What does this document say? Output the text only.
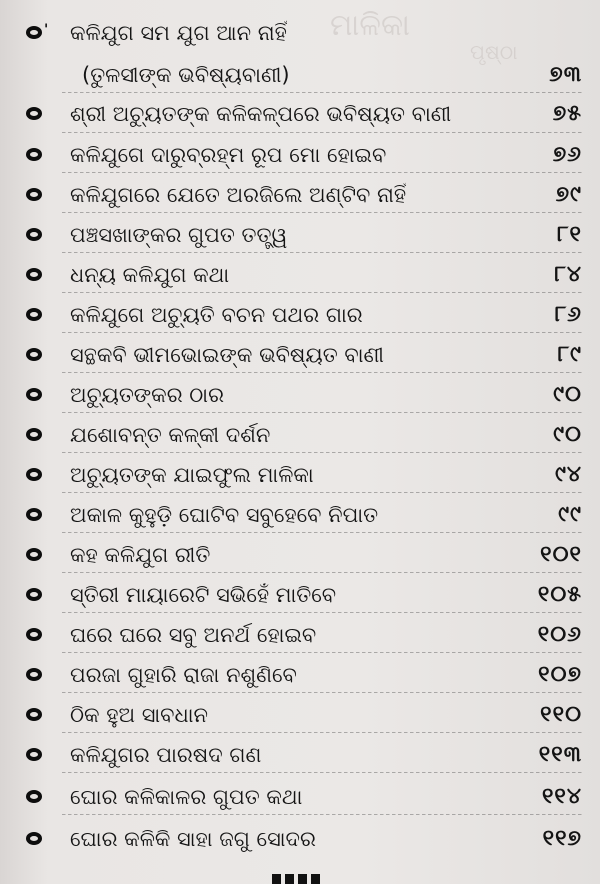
ମାଳିକା
ପୃଷ୍ଠା
' କଳିଯୁଗ ସମ ଯୁଗ ଆନ ନାହିଁ
(ତୁଳସୀଙ୍କ ଭବିଷ୍ୟବାଣୀ)	୭୩
ଶ୍ରୀ ଅଚ୍ୟୁତଙ୍କ କଳିକଳ୍ପରେ ଭବିଷ୍ୟତ ବାଣୀ	୭୫
କଳିଯୁଗେ ଦାରୁବ୍ରହ୍ମ ରୂପ ମୋ ହୋଇବ	୭୬
କଳିଯୁଗରେ ଯେତେ ଅରଜିଲେ ଅଣ୍ଟିବ ନାହିଁ	୭୯
ପଞ୍ଚସଖାଙ୍କର ଗୁପତ ତତ୍ତ୍ୱ	୮୧
ଧନ୍ୟ କଳିଯୁଗ କଥା	୮୪
କଳିଯୁଗେ ଅଚ୍ୟୁତି ବଚନ ପଥର ଗାର	୮୬
ସନ୍ଥକବି ଭୀମଭୋଇଙ୍କ ଭବିଷ୍ୟତ ବାଣୀ	୮୯
ଅଚ୍ୟୁତଙ୍କର ଠାର	୯୦
ଯଶୋବନ୍ତ କଳ୍କୀ ଦର୍ଶନ	୯୦
ଅଚ୍ୟୁତଙ୍କ ଯାଇଫୁଲ ମାଳିକା	୯୪
ଅକାଳ କୁହୁଡ଼ି ଘୋଟିବ ସବୁହେବେ ନିପାତ	୯୯
କହ କଳିଯୁଗ ରୀତି	୧୦୧
ସ୍ତିରୀ ମାୟାରେଟି ସଭିହେଁ ମାତିବେ	୧୦୫
ଘରେ ଘରେ ସବୁ ଅନର୍ଥ ହୋଇବ	୧୦୬
ପରଜା ଗୁହାରି ରାଜା ନଶୁଣିବେ	୧୦୭
ଠିକ ହୁଅ ସାବଧାନ	୧୧୦
କଳିଯୁଗର ପାରଷଦ ଗଣ	୧୧୩
ଘୋର କଳିକାଳର ଗୁପତ କଥା	୧୧୪
ଘୋର କଳିକି ସାହା ଜଗୁ ସୋଦର	୧୧୭
